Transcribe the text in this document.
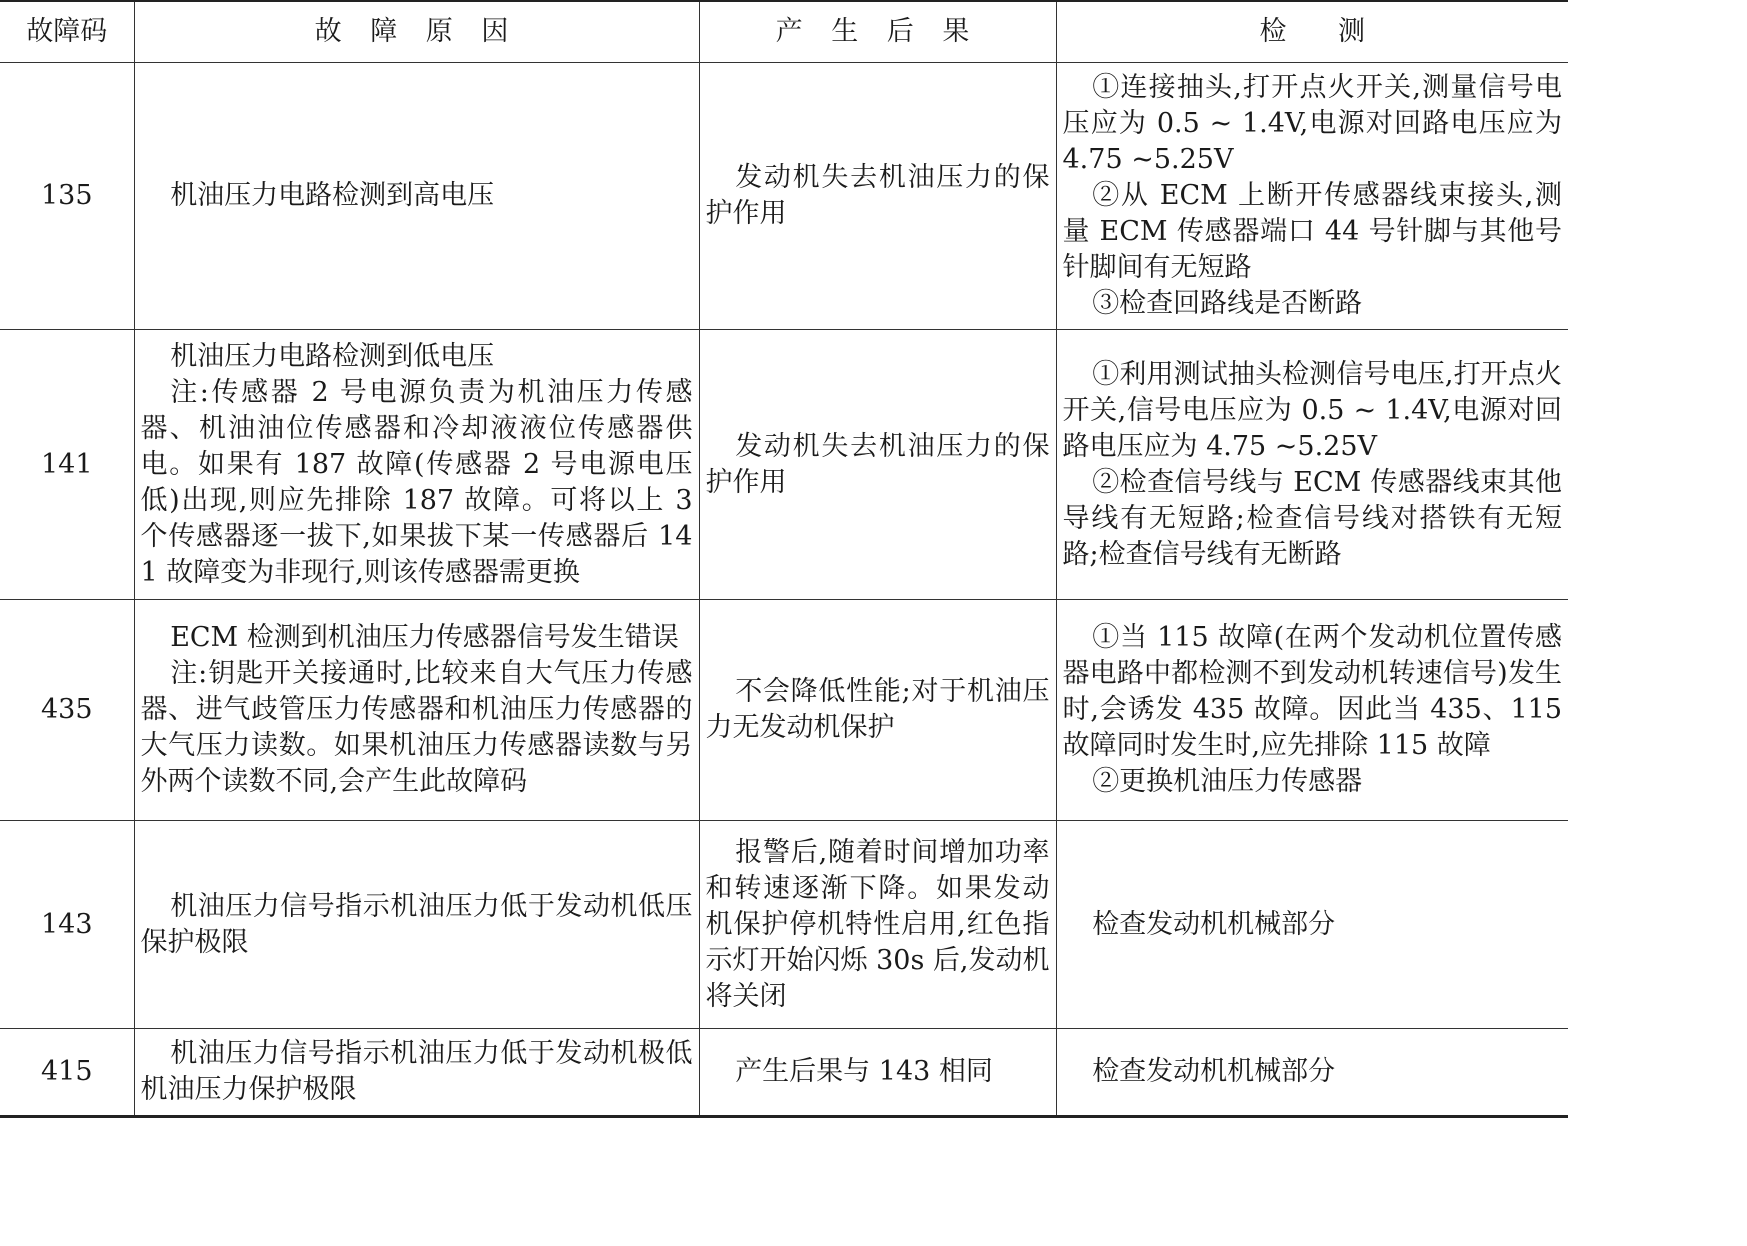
故障码	故 障 原 因	产 生 后 果	检      测
135	机油压力电路检测到高电压	发动机失去机油压力的保护作用	①连接抽头,打开点火开关,测量信号电压应为 0.5 ~ 1.4V,电源对回路电压应为 4.75 ~5.25V
②从 ECM 上断开传感器线束接头,测量 ECM 传感器端口 44 号针脚与其他号针脚间有无短路
③检查回路线是否断路

141	机油压力电路检测到低电压
注:传感器 2 号电源负责为机油压力传感器、机油油位传感器和冷却液液位传感器供电。如果有 187 故障(传感器 2 号电源电压低)出现,则应先排除 187 故障。可将以上 3 个传感器逐一拔下,如果拔下某一传感器后 141 故障变为非现行,则该传感器需更换	发动机失去机油压力的保护作用	①利用测试抽头检测信号电压,打开点火开关,信号电压应为 0.5 ~ 1.4V,电源对回路电压应为 4.75 ~5.25V
②检查信号线与 ECM 传感器线束其他导线有无短路;检查信号线对搭铁有无短路;检查信号线有无断路

435	ECM 检测到机油压力传感器信号发生错误
注:钥匙开关接通时,比较来自大气压力传感器、进气歧管压力传感器和机油压力传感器的大气压力读数。如果机油压力传感器读数与另外两个读数不同,会产生此故障码	不会降低性能;对于机油压力无发动机保护	①当 115 故障(在两个发动机位置传感器电路中都检测不到发动机转速信号)发生时,会诱发 435 故障。因此当 435、115 故障同时发生时,应先排除 115 故障
②更换机油压力传感器

143	机油压力信号指示机油压力低于发动机低压保护极限	报警后,随着时间增加功率和转速逐渐下降。如果发动机保护停机特性启用,红色指示灯开始闪烁 30s 后,发动机将关闭	检查发动机机械部分

415	机油压力信号指示机油压力低于发动机极低机油压力保护极限	产生后果与 143 相同	检查发动机机械部分
